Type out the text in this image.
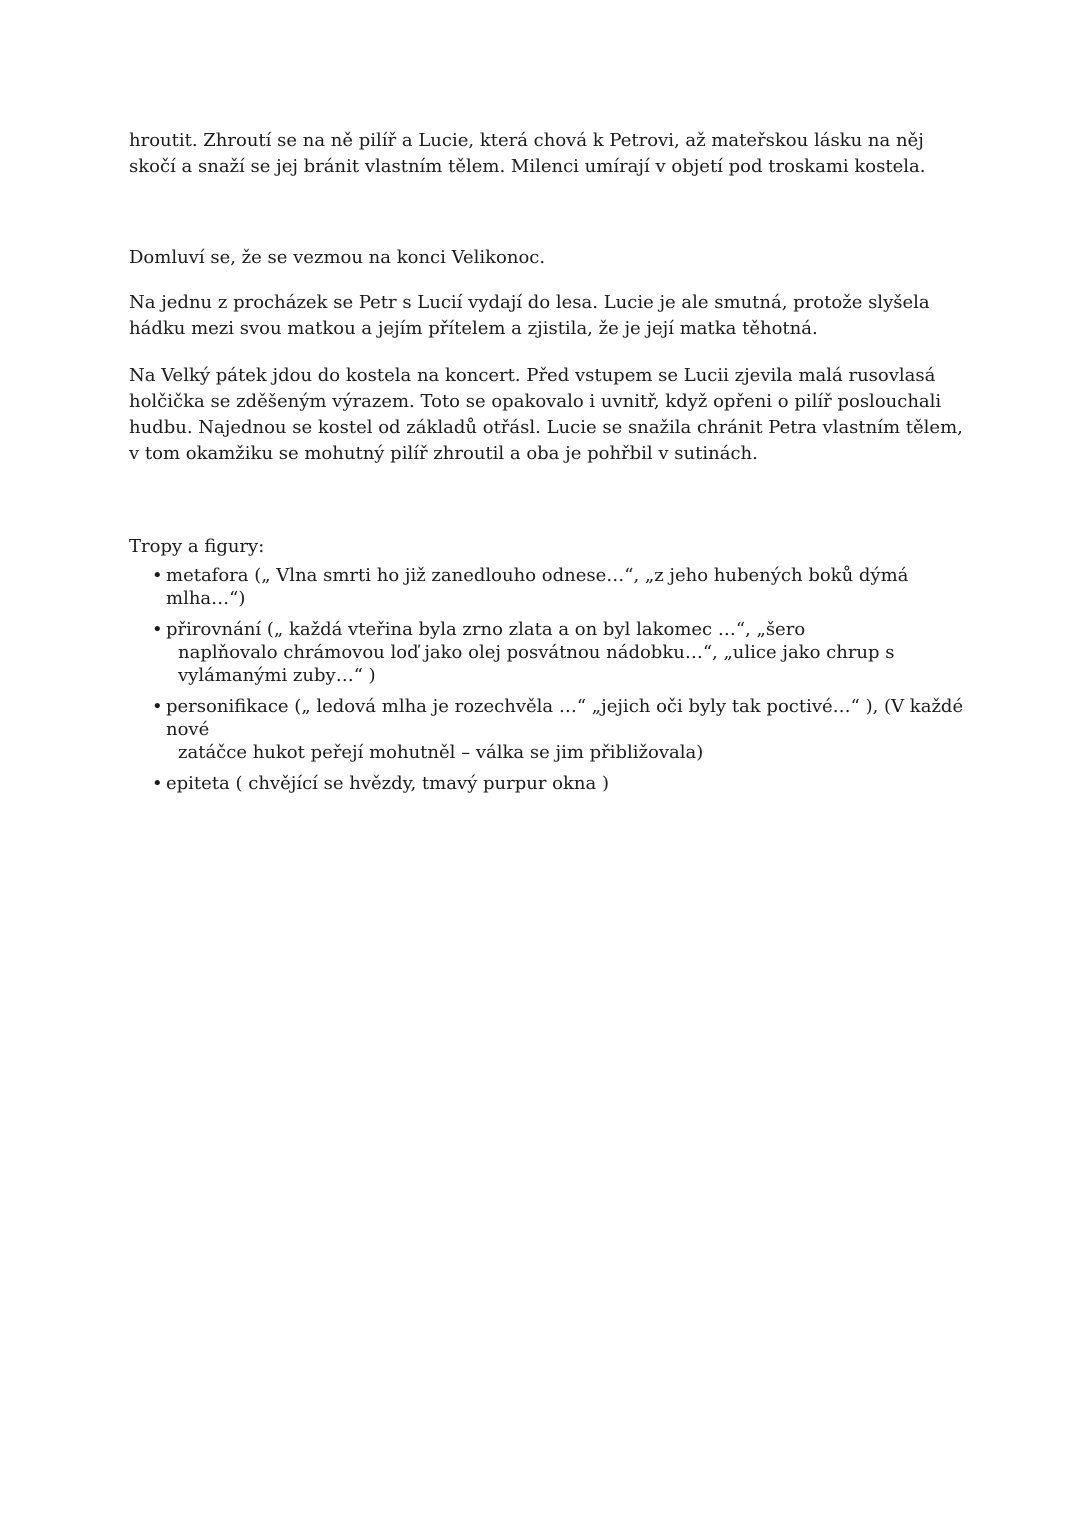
hroutit. Zhroutí se na ně pilíř a Lucie, která chová k Petrovi, až mateřskou lásku na něj skočí a snaží se jej bránit vlastním tělem. Milenci umírají v objetí pod troskami kostela.

Domluví se, že se vezmou na konci Velikonoc.

Na jednu z procházek se Petr s Lucií vydají do lesa. Lucie je ale smutná, protože slyšela hádku mezi svou matkou a jejím přítelem a zjistila, že je její matka těhotná.

Na Velký pátek jdou do kostela na koncert. Před vstupem se Lucii zjevila malá rusovlasá holčička se zděšeným výrazem. Toto se opakovalo i uvnitř, když opřeni o pilíř poslouchali hudbu. Najednou se kostel od základů otřásl. Lucie se snažila chránit Petra vlastním tělem, v tom okamžiku se mohutný pilíř zhroutil a oba je pohřbil v sutinách.

Tropy a figury:

• metafora („ Vlna smrti ho již zanedlouho odnese…“, „z jeho hubených boků dýmá mlha…“)
• přirovnání („ každá vteřina byla zrno zlata a on byl lakomec …“, „šero
naplňovalo chrámovou loď jako olej posvátnou nádobku…“, „ulice jako chrup s vylámanými zuby…“ )
• personifikace („ ledová mlha je rozechvěla …“ „jejich oči byly tak poctivé…“ ), (V každé nové
zatáčce hukot peřejí mohutněl – válka se jim přibližovala)
• epiteta ( chvějící se hvězdy, tmavý purpur okna )
